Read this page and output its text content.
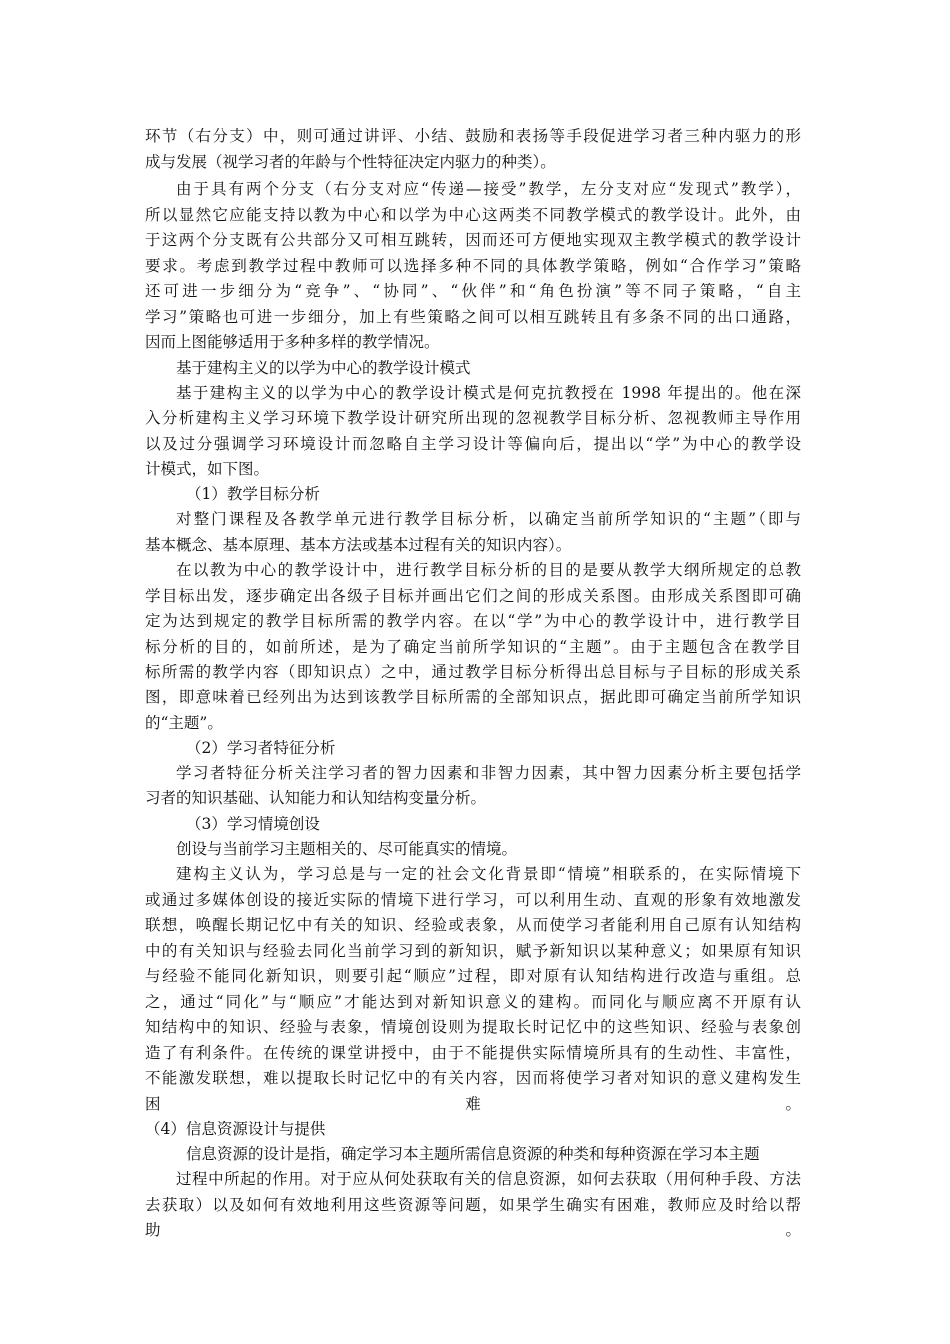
环节（右分支）中，则可通过讲评、小结、鼓励和表扬等手段促进学习者三种内驱力的形
成与发展（视学习者的年龄与个性特征决定内驱力的种类）。
由于具有两个分支（右分支对应“传递—接受”教学，左分支对应“发现式”教学），
所以显然它应能支持以教为中心和以学为中心这两类不同教学模式的教学设计。此外，由
于这两个分支既有公共部分又可相互跳转，因而还可方便地实现双主教学模式的教学设计
要求。考虑到教学过程中教师可以选择多种不同的具体教学策略，例如“合作学习”策略
还可进一步细分为“竞争”、“协同”、“伙伴”和“角色扮演”等不同子策略，“自主
学习”策略也可进一步细分，加上有些策略之间可以相互跳转且有多条不同的出口通路，
因而上图能够适用于多种多样的教学情况。
基于建构主义的以学为中心的教学设计模式
基于建构主义的以学为中心的教学设计模式是何克抗教授在 1998 年提出的。他在深
入分析建构主义学习环境下教学设计研究所出现的忽视教学目标分析、忽视教师主导作用
以及过分强调学习环境设计而忽略自主学习设计等偏向后，提出以“学”为中心的教学设
计模式，如下图。
（1）教学目标分析
对整门课程及各教学单元进行教学目标分析，以确定当前所学知识的“主题”（即与
基本概念、基本原理、基本方法或基本过程有关的知识内容）。
在以教为中心的教学设计中，进行教学目标分析的目的是要从教学大纲所规定的总教
学目标出发，逐步确定出各级子目标并画出它们之间的形成关系图。由形成关系图即可确
定为达到规定的教学目标所需的教学内容。在以“学”为中心的教学设计中，进行教学目
标分析的目的，如前所述，是为了确定当前所学知识的“主题”。由于主题包含在教学目
标所需的教学内容（即知识点）之中，通过教学目标分析得出总目标与子目标的形成关系
图，即意味着已经列出为达到该教学目标所需的全部知识点，据此即可确定当前所学知识
的“主题”。
（2）学习者特征分析
学习者特征分析关注学习者的智力因素和非智力因素，其中智力因素分析主要包括学
习者的知识基础、认知能力和认知结构变量分析。
（3）学习情境创设
创设与当前学习主题相关的、尽可能真实的情境。
建构主义认为，学习总是与一定的社会文化背景即“情境”相联系的，在实际情境下
或通过多媒体创设的接近实际的情境下进行学习，可以利用生动、直观的形象有效地激发
联想，唤醒长期记忆中有关的知识、经验或表象，从而使学习者能利用自己原有认知结构
中的有关知识与经验去同化当前学习到的新知识，赋予新知识以某种意义；如果原有知识
与经验不能同化新知识，则要引起“顺应”过程，即对原有认知结构进行改造与重组。总
之，通过“同化”与“顺应”才能达到对新知识意义的建构。而同化与顺应离不开原有认
知结构中的知识、经验与表象，情境创设则为提取长时记忆中的这些知识、经验与表象创
造了有利条件。在传统的课堂讲授中，由于不能提供实际情境所具有的生动性、丰富性，
不能激发联想，难以提取长时记忆中的有关内容，因而将使学习者对知识的意义建构发生
困难。
（4）信息资源设计与提供
信息资源的设计是指，确定学习本主题所需信息资源的种类和每种资源在学习本主题
过程中所起的作用。对于应从何处获取有关的信息资源，如何去获取（用何种手段、方法
去获取）以及如何有效地利用这些资源等问题，如果学生确实有困难，教师应及时给以帮
助。
